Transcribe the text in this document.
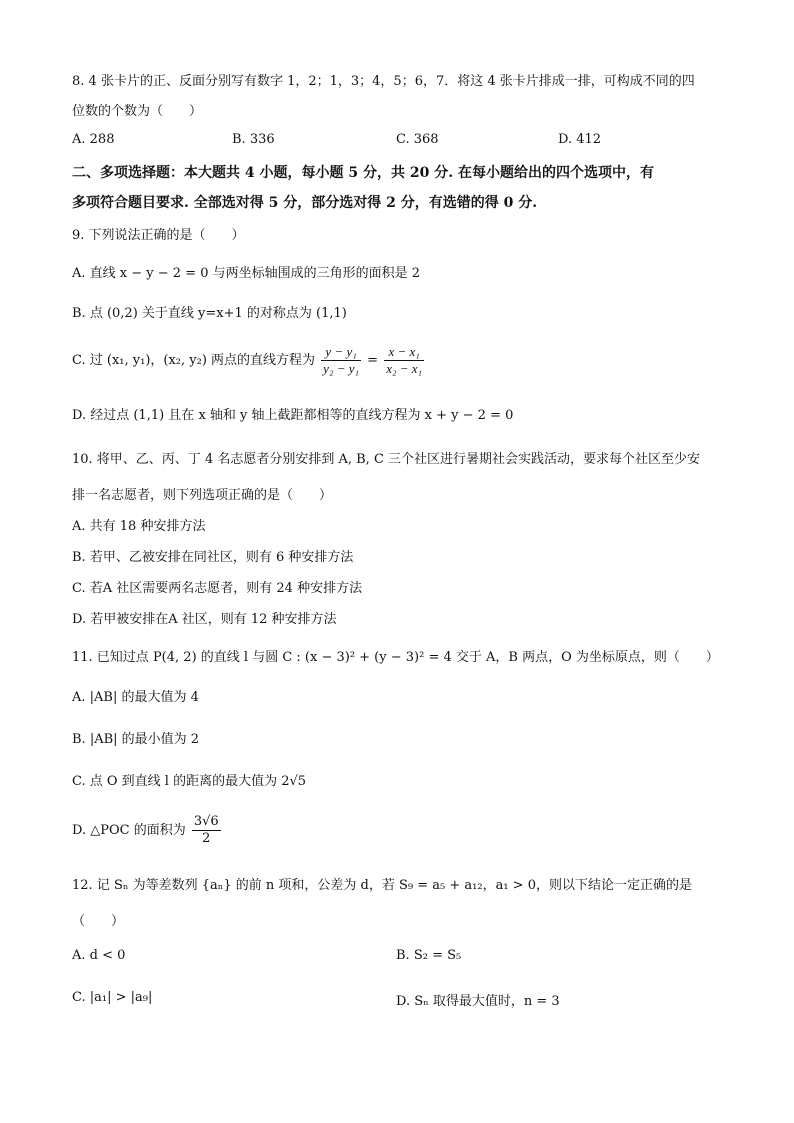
8. 4 张卡片的正、反面分别写有数字 1，2；1，3；4，5；6，7．将这 4 张卡片排成一排，可构成不同的四
位数的个数为（　　）
A. 288	B. 336	C. 368	D. 412
二、多项选择题：本大题共 4 小题，每小题 5 分，共 20 分. 在每小题给出的四个选项中，有
多项符合题目要求. 全部选对得 5 分，部分选对得 2 分，有选错的得 0 分.
9. 下列说法正确的是（　　）
A. 直线 x − y − 2 = 0 与两坐标轴围成的三角形的面积是 2
B. 点 (0,2) 关于直线 y=x+1 的对称点为 (1,1)
C. 过 (x₁, y₁)，(x₂, y₂) 两点的直线方程为 $\frac{\text{y − y₁}}{\text{y₂ − y₁}} = \frac{\text{x − x₁}}{\text{x₂ − x₁}}$
D. 经过点 (1,1) 且在 x 轴和 y 轴上截距都相等的直线方程为 x + y − 2 = 0
10. 将甲、乙、丙、丁 4 名志愿者分别安排到 A, B, C 三个社区进行暑期社会实践活动，要求每个社区至少安
排一名志愿者，则下列选项正确的是（　　）
A. 共有 18 种安排方法
B. 若甲、乙被安排在同社区，则有 6 种安排方法
C. 若A 社区需要两名志愿者，则有 24 种安排方法
D. 若甲被安排在A 社区，则有 12 种安排方法
11. 已知过点 P(4, 2) 的直线 l 与圆 C : (x − 3)² + (y − 3)² = 4 交于 A，B 两点，O 为坐标原点，则（　　）
A. |AB| 的最大值为 4
B. |AB| 的最小值为 2
C. 点 O 到直线 l 的距离的最大值为 2√5
D. △POC 的面积为 $\frac{3√6}{2}$
12. 记 Sₙ 为等差数列 {aₙ} 的前 n 项和，公差为 d，若 S₉ = a₅ + a₁₂，a₁ > 0，则以下结论一定正确的是
（　　）
A. d < 0	B. S₂ = S₅
C. |a₁| > |a₉|	D. Sₙ 取得最大值时，n = 3
